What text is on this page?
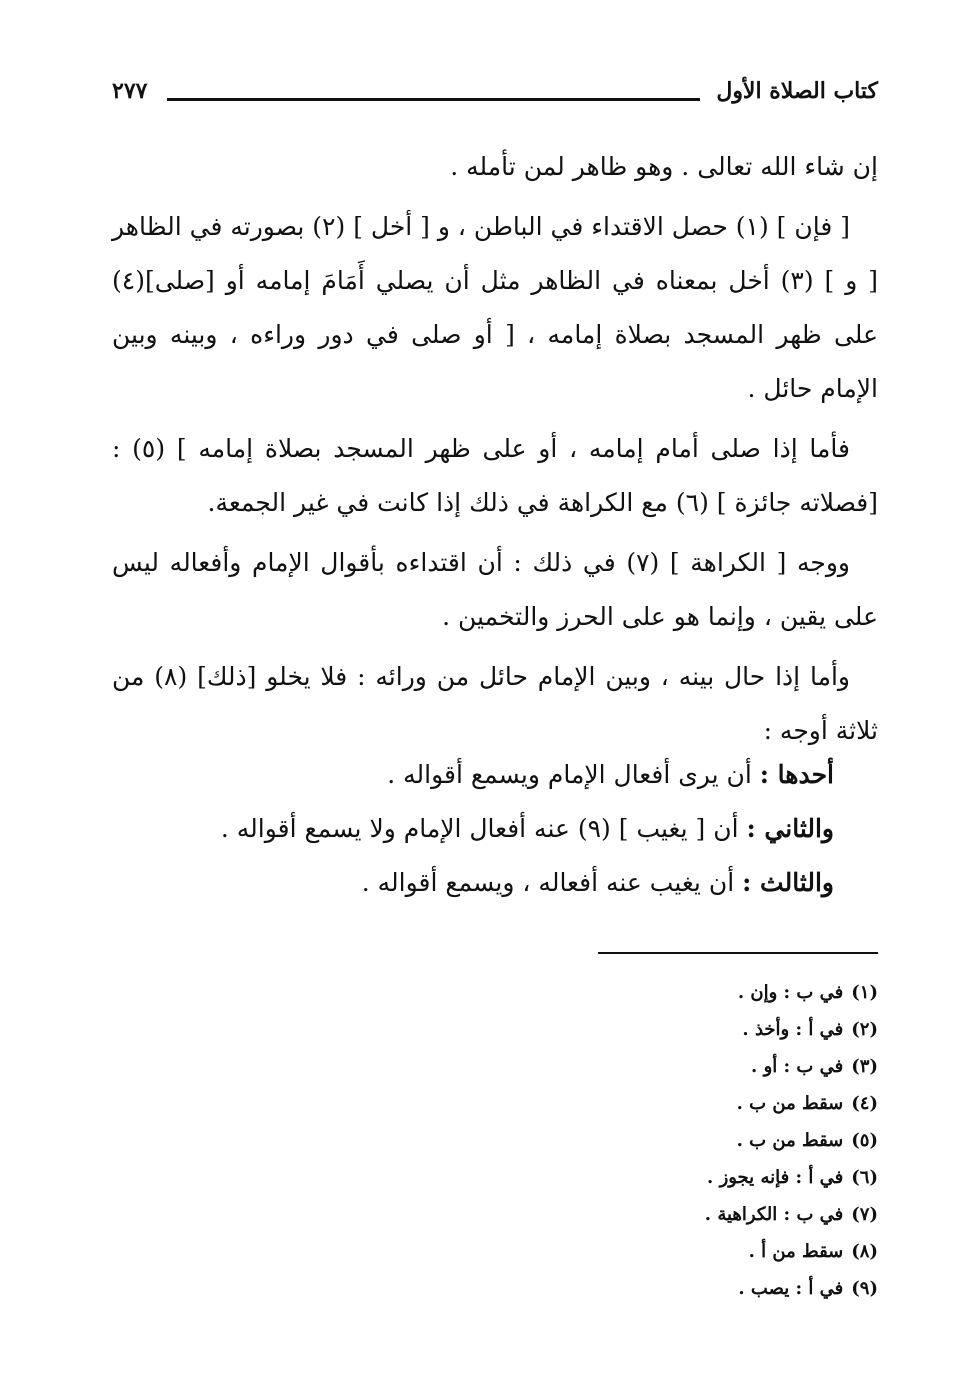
كتاب الصلاة الأول
٢٧٧

إن شاء الله تعالى . وهو ظاهر لمن تأمله .

[ فإن ] (١) حصل الاقتداء في الباطن ، و [ أخل ] (٢) بصورته في الظاهر [ و ] (٣) أخل بمعناه في الظاهر مثل أن يصلي أَمَامَ إمامه أو [صلى](٤) على ظهر المسجد بصلاة إمامه ، [ أو صلى في دور وراءه ، وبينه وبين الإمام حائل .

فأما إذا صلى أمام إمامه ، أو على ظهر المسجد بصلاة إمامه ] (٥) : [فصلاته جائزة ] (٦) مع الكراهة في ذلك إذا كانت في غير الجمعة.

ووجه [ الكراهة ] (٧) في ذلك : أن اقتداءه بأقوال الإمام وأفعاله ليس على يقين ، وإنما هو على الحرز والتخمين .

وأما إذا حال بينه ، وبين الإمام حائل من ورائه : فلا يخلو [ذلك] (٨) من ثلاثة أوجه :

أحدها : أن يرى أفعال الإمام ويسمع أقواله .
والثاني : أن [ يغيب ] (٩) عنه أفعال الإمام ولا يسمع أقواله .
والثالث : أن يغيب عنه أفعاله ، ويسمع أقواله .
(١)في ب : وإن .
(٢)في أ : وأخذ .
(٣)في ب : أو .
(٤)سقط من ب .
(٥)سقط من ب .
(٦)في أ : فإنه يجوز .
(٧)في ب : الكراهية .
(٨)سقط من أ .
(٩)في أ : يصب .
